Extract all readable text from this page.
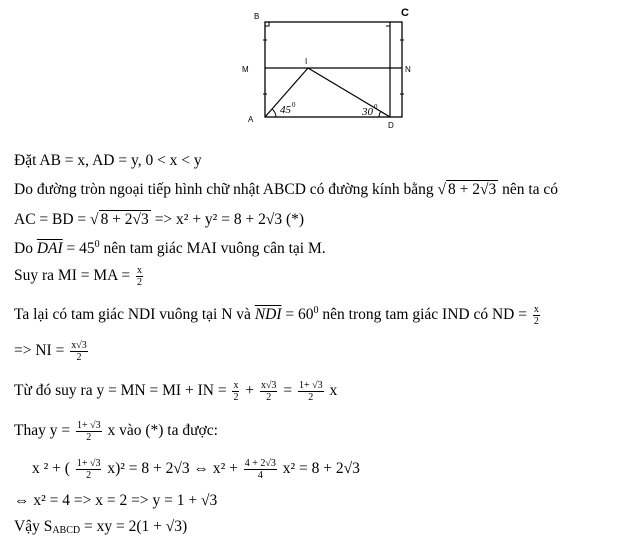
B	C
M	N
I
A
D
45 0
30 0
Đặt AB = x, AD = y, 0 < x < y
Do đường tròn ngoại tiếp hình chữ nhật ABCD có đường kính bằng √ 8 + 2√3 nên ta có
AC = BD = √ 8 + 2√3 => x² + y² = 8 + 2√3 (*)
Do $\overline{DAI} = 45^0$ nên tam giác MAI vuông cân tại M.
Suy ra MI = MA = $\frac{x}{2}$
Ta lại có tam giác NDI vuông tại N và $\overline{NDI} = 60^0$ nên trong tam giác IND có ND = $\frac{x}{2}$
=> NI = $\frac{x√3}{2}$
Từ đó suy ra y = MN = MI + IN = $\frac{x}{2} + \frac{x√3}{2} = \frac{1+ √3}{2}$ x
Thay $y = \frac{1+ √3}{2}$ x vào (*) ta được:
x ² + ( $\frac{1+ √3}{2} x)^2 = 8 + 2√3$ ⇔ $x^2 + \frac{4 + 2√3}{4} x^2 = 8 + 2√3$
⇔ x² = 4 => x = 2 => y = 1 + √3
Vậy $S_{ABCD}$ = xy = 2(1 + √3)
